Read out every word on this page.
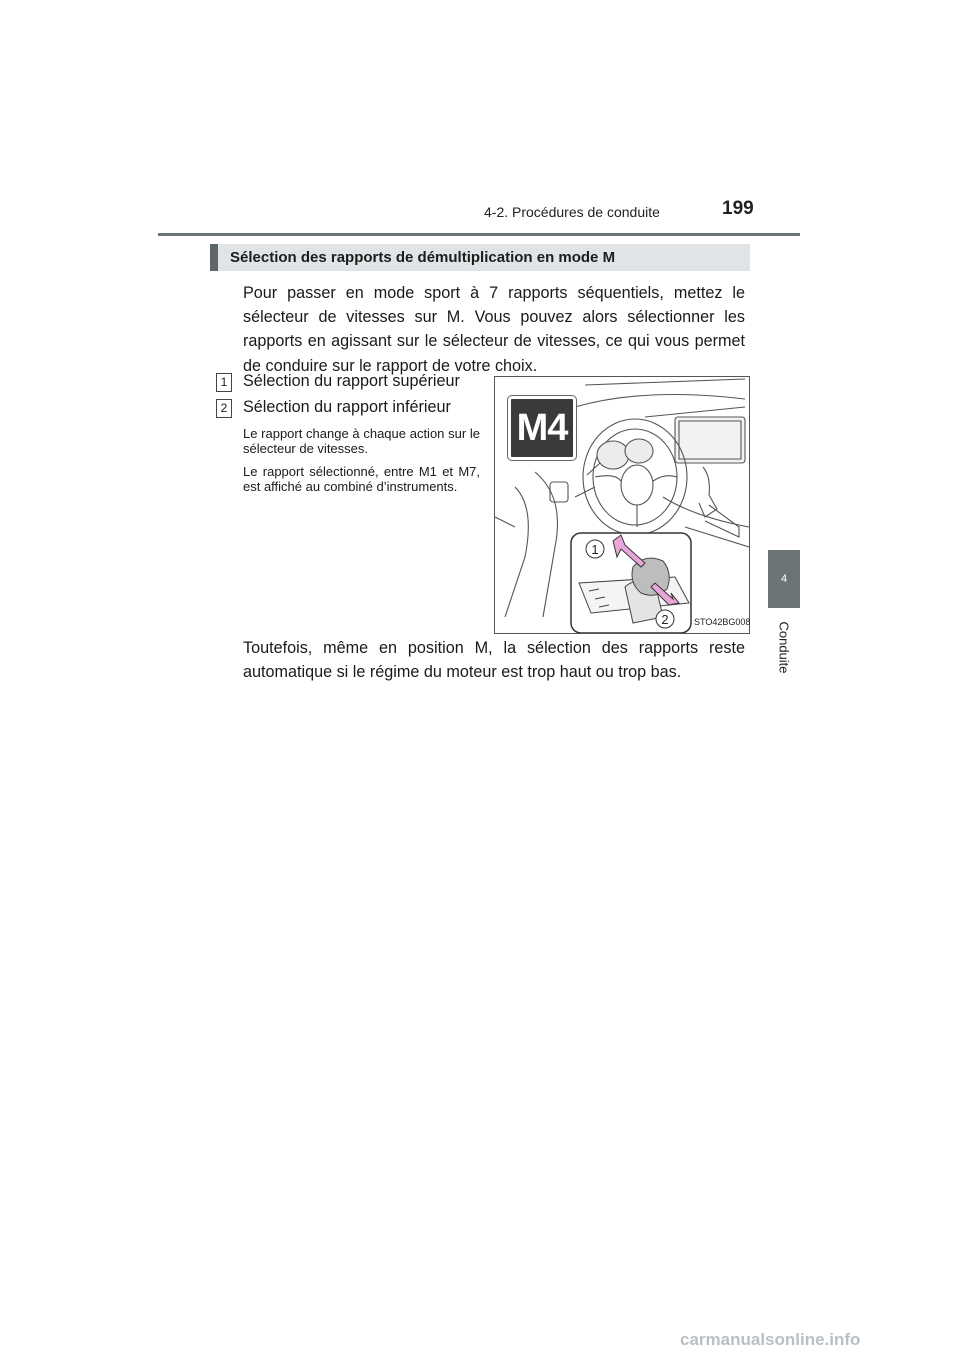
4-2. Procédures de conduite	199
4
Conduite
Sélection des rapports de démultiplication en mode M

Pour passer en mode sport à 7 rapports séquentiels, mettez le sélecteur de vitesses sur M. Vous pouvez alors sélectionner les rapports en agissant sur le sélecteur de vitesses, ce qui vous permet de conduire sur le rapport de votre choix.

1 Sélection du rapport supérieur
2 Sélection du rapport inférieur

Le rapport change à chaque action sur le sélecteur de vitesses.

Le rapport sélectionné, entre M1 et M7, est affiché au combiné d’instruments.

Toutefois, même en position M, la sélection des rapports reste automatique si le régime du moteur est trop haut ou trop bas.

1
2
M4
STO42BG008
carmanualsonline.info
